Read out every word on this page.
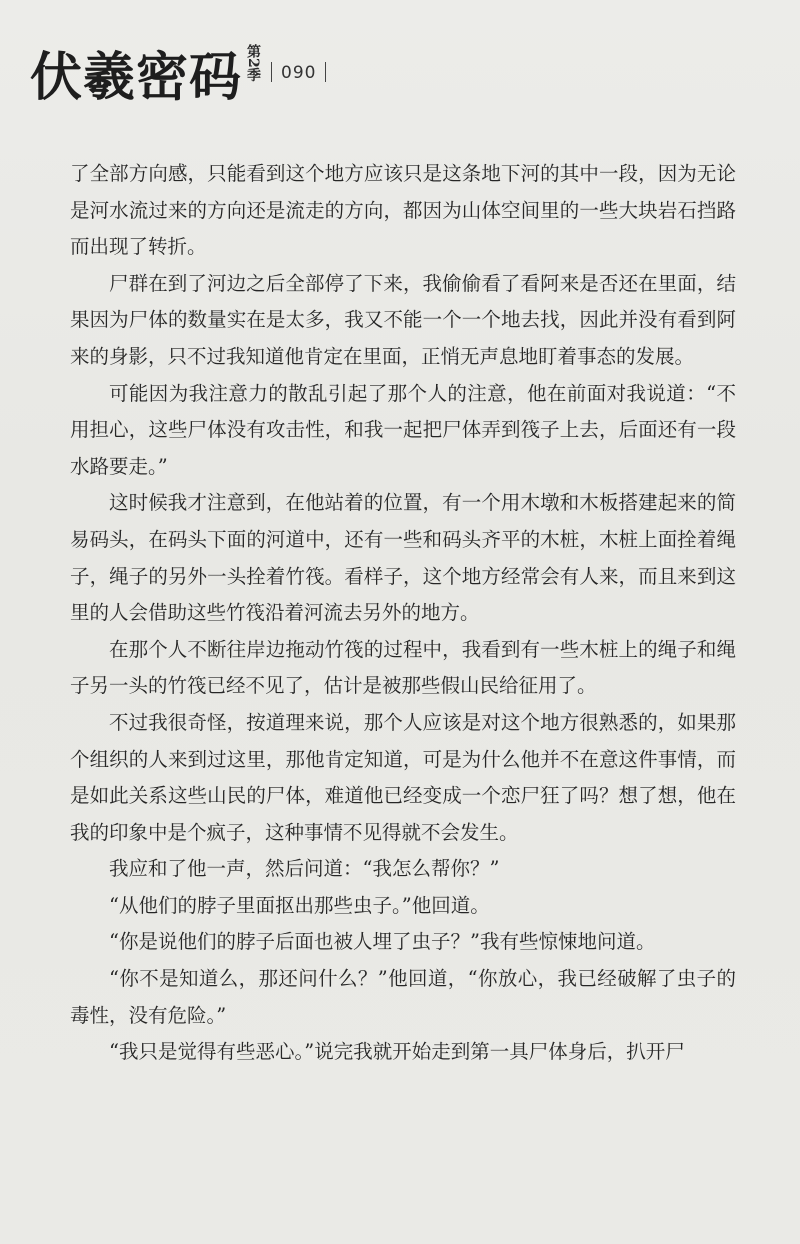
伏羲密码 第2季	090

了全部方向感，只能看到这个地方应该只是这条地下河的其中一段，因为无论是河水流过来的方向还是流走的方向，都因为山体空间里的一些大块岩石挡路而出现了转折。

尸群在到了河边之后全部停了下来，我偷偷看了看阿来是否还在里面，结果因为尸体的数量实在是太多，我又不能一个一个地去找，因此并没有看到阿来的身影，只不过我知道他肯定在里面，正悄无声息地盯着事态的发展。

可能因为我注意力的散乱引起了那个人的注意，他在前面对我说道：“不用担心，这些尸体没有攻击性，和我一起把尸体弄到筏子上去，后面还有一段水路要走。”

这时候我才注意到，在他站着的位置，有一个用木墩和木板搭建起来的简易码头，在码头下面的河道中，还有一些和码头齐平的木桩，木桩上面拴着绳子，绳子的另外一头拴着竹筏。看样子，这个地方经常会有人来，而且来到这里的人会借助这些竹筏沿着河流去另外的地方。

在那个人不断往岸边拖动竹筏的过程中，我看到有一些木桩上的绳子和绳子另一头的竹筏已经不见了，估计是被那些假山民给征用了。

不过我很奇怪，按道理来说，那个人应该是对这个地方很熟悉的，如果那个组织的人来到过这里，那他肯定知道，可是为什么他并不在意这件事情，而是如此关系这些山民的尸体，难道他已经变成一个恋尸狂了吗？想了想，他在我的印象中是个疯子，这种事情不见得就不会发生。

我应和了他一声，然后问道：“我怎么帮你？”

“从他们的脖子里面抠出那些虫子。”他回道。

“你是说他们的脖子后面也被人埋了虫子？”我有些惊悚地问道。

“你不是知道么，那还问什么？”他回道，“你放心，我已经破解了虫子的毒性，没有危险。”

“我只是觉得有些恶心。”说完我就开始走到第一具尸体身后，扒开尸
